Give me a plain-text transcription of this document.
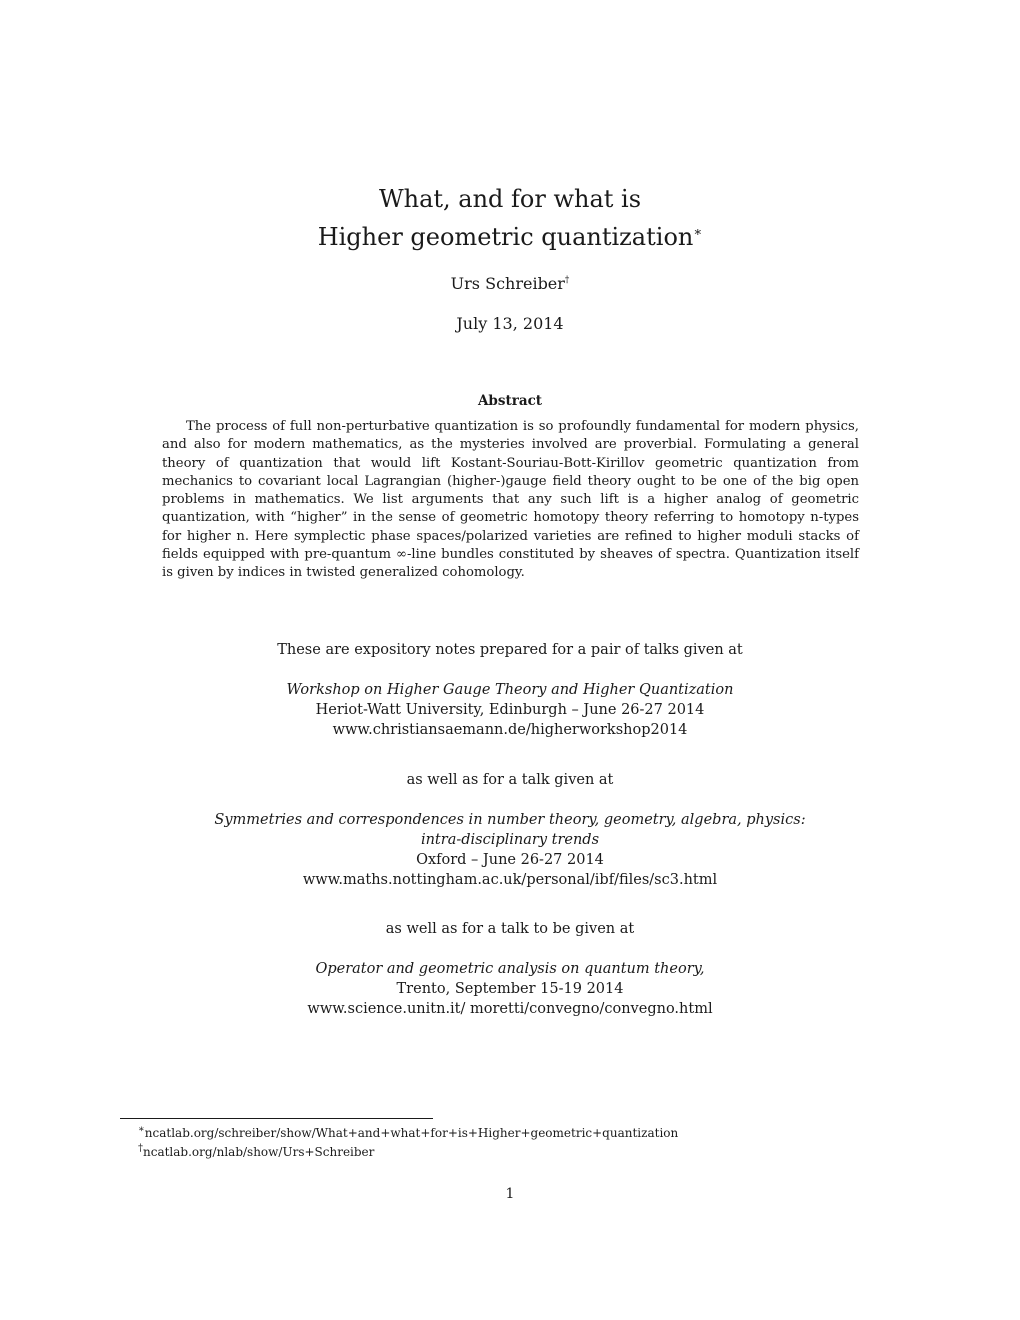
What, and for what is
Higher geometric quantization∗
Urs Schreiber†
July 13, 2014
Abstract
The process of full non-perturbative quantization is so profoundly fundamental for modern physics, and also for modern mathematics, as the mysteries involved are proverbial. Formulating a general theory of quantization that would lift Kostant-Souriau-Bott-Kirillov geometric quantization from mechanics to covariant local Lagrangian (higher-)gauge field theory ought to be one of the big open problems in mathematics. We list arguments that any such lift is a higher analog of geometric quantization, with “higher” in the sense of geometric homotopy theory referring to homotopy n-types for higher n. Here symplectic phase spaces/polarized varieties are refined to higher moduli stacks of fields equipped with pre-quantum ∞-line bundles constituted by sheaves of spectra. Quantization itself is given by indices in twisted generalized cohomology.
These are expository notes prepared for a pair of talks given at
Workshop on Higher Gauge Theory and Higher Quantization
Heriot-Watt University, Edinburgh – June 26-27 2014
www.christiansaemann.de/higherworkshop2014
as well as for a talk given at
Symmetries and correspondences in number theory, geometry, algebra, physics:
intra-disciplinary trends
Oxford – June 26-27 2014
www.maths.nottingham.ac.uk/personal/ibf/files/sc3.html
as well as for a talk to be given at
Operator and geometric analysis on quantum theory,
Trento, September 15-19 2014
www.science.unitn.it/ moretti/convegno/convegno.html
∗ncatlab.org/schreiber/show/What+and+what+for+is+Higher+geometric+quantization
†ncatlab.org/nlab/show/Urs+Schreiber
1
